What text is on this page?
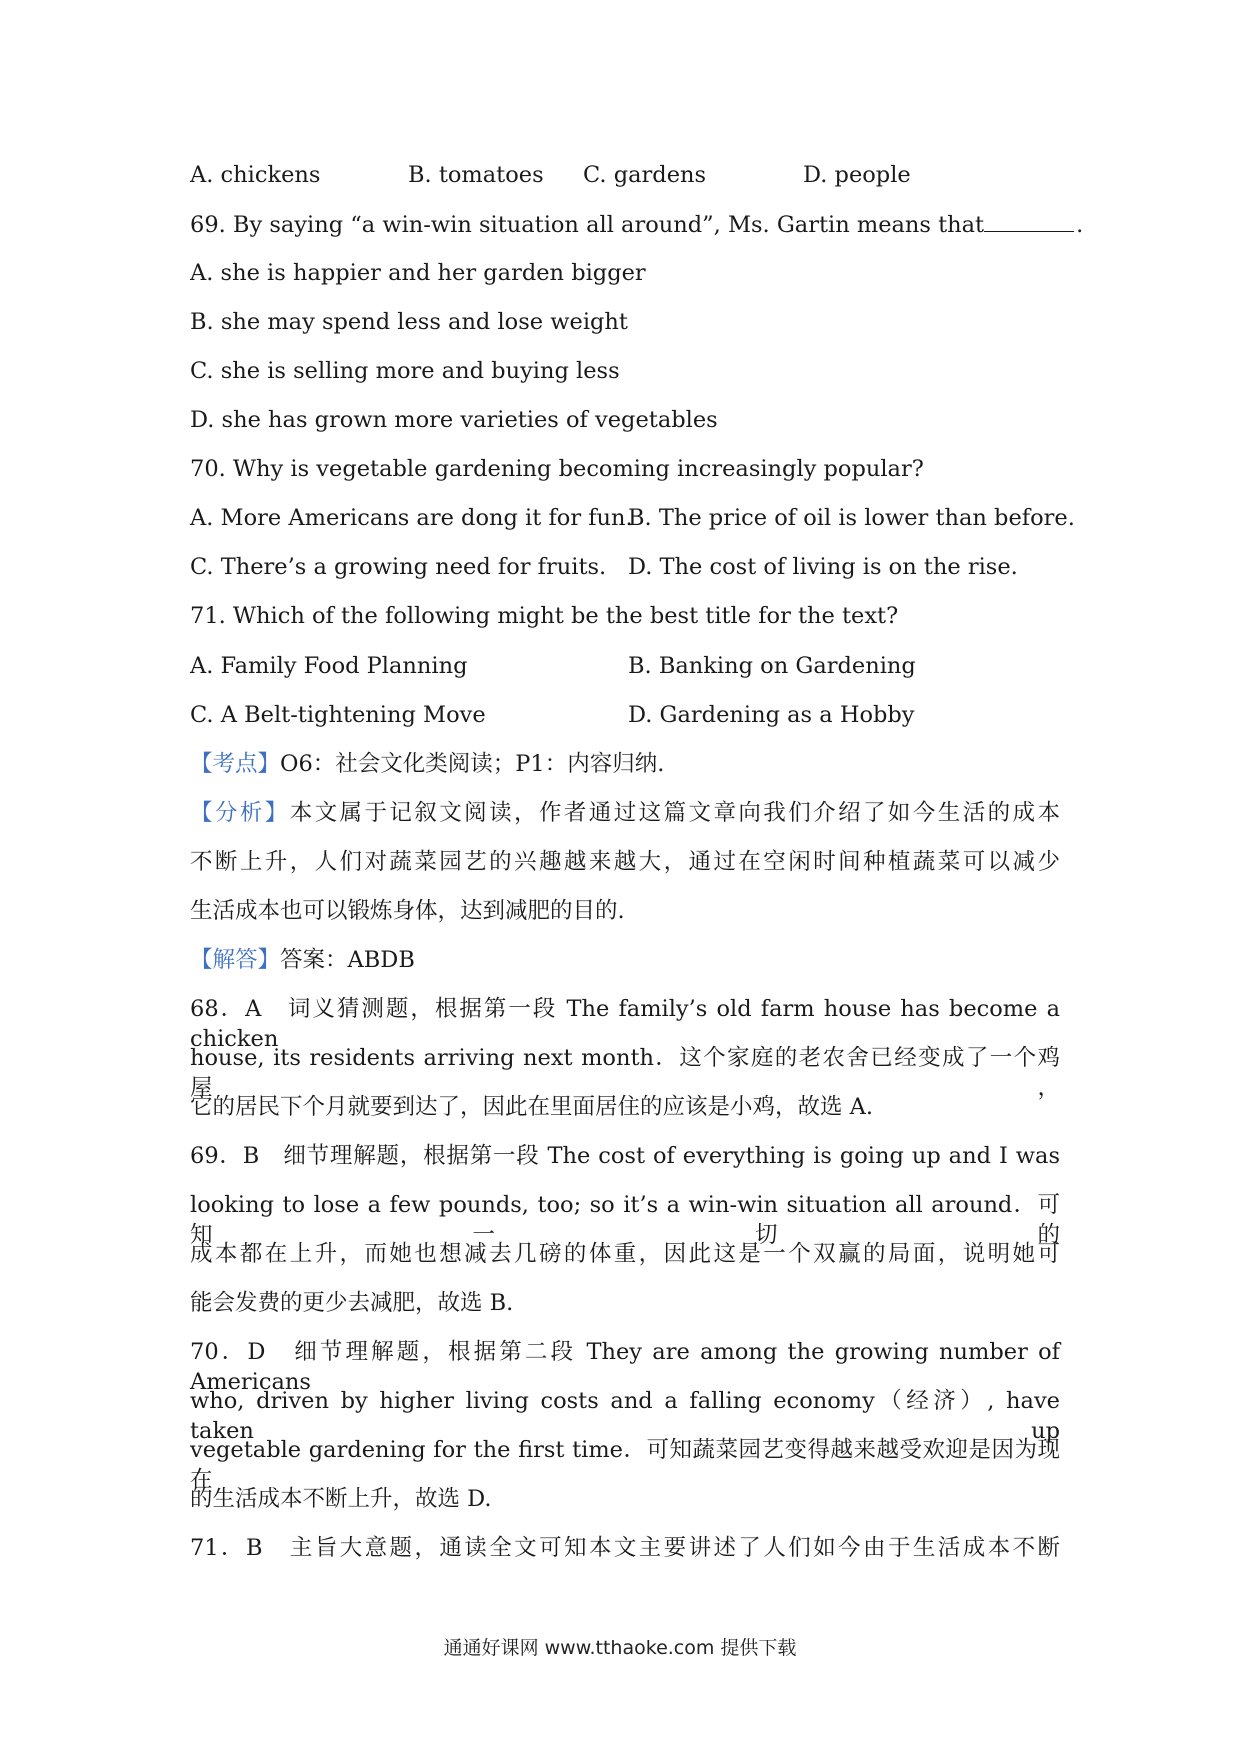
A. chickens	B. tomatoes C. gardens	D. people
69. By saying “a win-win situation all around”, Ms. Gartin means that	.
A. she is happier and her garden bigger
B. she may spend less and lose weight
C. she is selling more and buying less
D. she has grown more varieties of vegetables
70. Why is vegetable gardening becoming increasingly popular?
A. More Americans are dong it for fun.
B. The price of oil is lower than before.
C. There’s a growing need for fruits. D. The cost of living is on the rise.
71. Which of the following might be the best title for the text?
A. Family Food Planning	B. Banking on Gardening
C. A Belt-tightening Move	D. Gardening as a Hobby
【考点】O6：社会文化类阅读；P1：内容归纳.
【分析】本文属于记叙文阅读，作者通过这篇文章向我们介绍了如今生活的成本
不断上升，人们对蔬菜园艺的兴趣越来越大，通过在空闲时间种植蔬菜可以减少
生活成本也可以锻炼身体，达到减肥的目的.
【解答】答案：ABDB
68．A　词义猜测题，根据第一段 The family’s old farm house has become a chicken
house, its residents arriving next month．这个家庭的老农舍已经变成了一个鸡屋，
它的居民下个月就要到达了，因此在里面居住的应该是小鸡，故选 A.
69．B　细节理解题，根据第一段 The cost of everything is going up and I was
looking to lose a few pounds, too; so it’s a win-win situation all around．可知一切的
成本都在上升，而她也想减去几磅的体重，因此这是一个双赢的局面，说明她可
能会发费的更少去减肥，故选 B.
70．D　细节理解题，根据第二段 They are among the growing number of Americans
who, driven by higher living costs and a falling economy（经济）, have taken up
vegetable gardening for the first time．可知蔬菜园艺变得越来越受欢迎是因为现在
的生活成本不断上升，故选 D.
71．B　主旨大意题，通读全文可知本文主要讲述了人们如今由于生活成本不断
通通好课网 www.tthaoke.com 提供下载
